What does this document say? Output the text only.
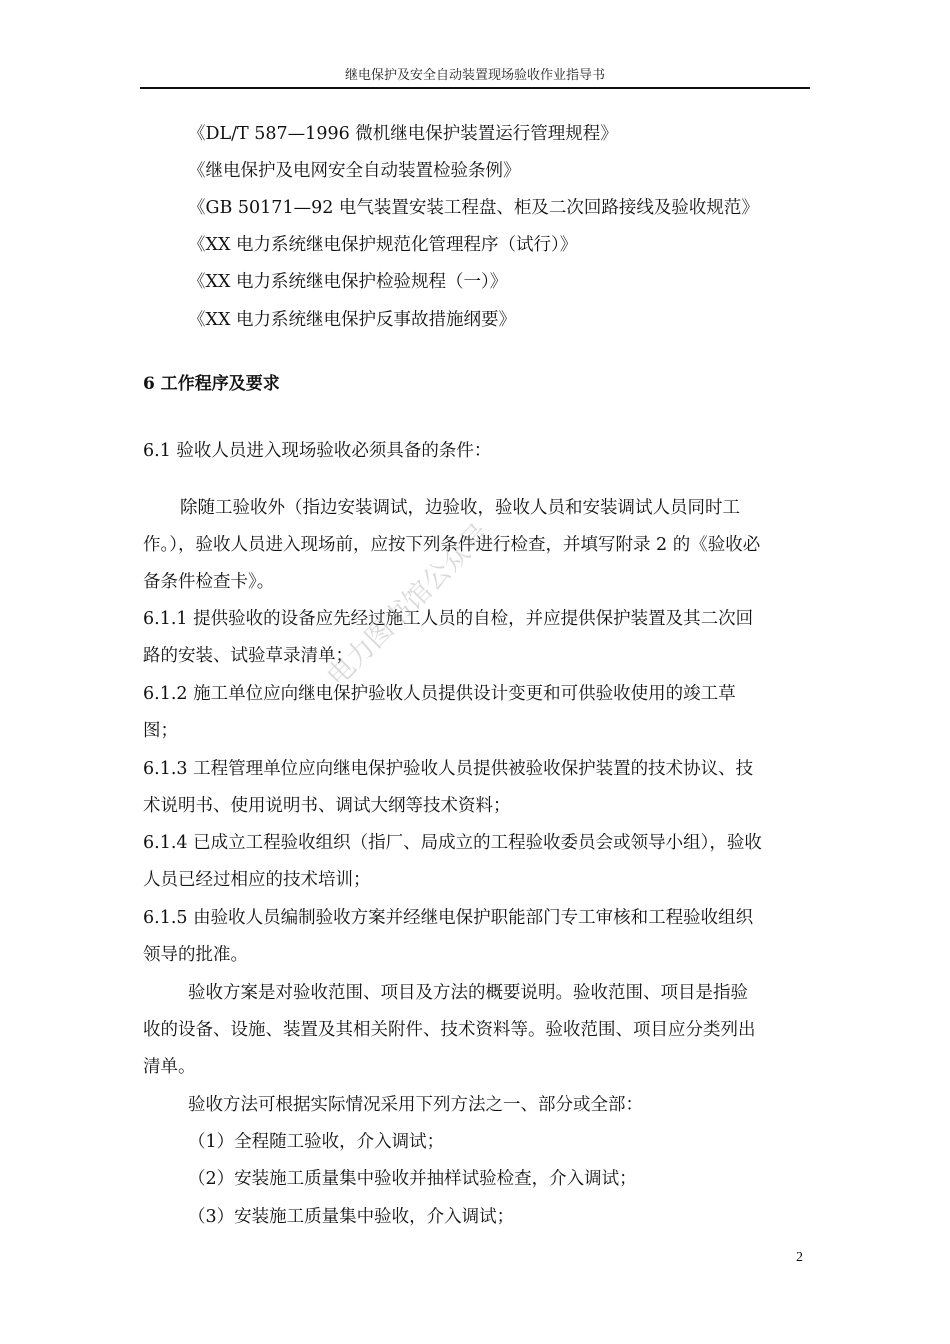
继电保护及安全自动装置现场验收作业指导书
《DL/T 587—1996 微机继电保护装置运行管理规程》
《继电保护及电网安全自动装置检验条例》
《GB 50171—92 电气装置安装工程盘、柜及二次回路接线及验收规范》
《XX 电力系统继电保护规范化管理程序（试行）》
《XX 电力系统继电保护检验规程（一）》
《XX 电力系统继电保护反事故措施纲要》
6 工作程序及要求
6.1 验收人员进入现场验收必须具备的条件：
除随工验收外（指边安装调试，边验收，验收人员和安装调试人员同时工
作。），验收人员进入现场前，应按下列条件进行检查，并填写附录 2 的《验收必
备条件检查卡》。
6.1.1 提供验收的设备应先经过施工人员的自检，并应提供保护装置及其二次回
路的安装、试验草录清单；
6.1.2 施工单位应向继电保护验收人员提供设计变更和可供验收使用的竣工草
图；
6.1.3 工程管理单位应向继电保护验收人员提供被验收保护装置的技术协议、技
术说明书、使用说明书、调试大纲等技术资料；
6.1.4 已成立工程验收组织（指厂、局成立的工程验收委员会或领导小组），验收
人员已经过相应的技术培训；
6.1.5 由验收人员编制验收方案并经继电保护职能部门专工审核和工程验收组织
领导的批准。
验收方案是对验收范围、项目及方法的概要说明。验收范围、项目是指验
收的设备、设施、装置及其相关附件、技术资料等。验收范围、项目应分类列出
清单。
验收方法可根据实际情况采用下列方法之一、部分或全部：
（1）全程随工验收，介入调试；
（2）安装施工质量集中验收并抽样试验检查，介入调试；
（3）安装施工质量集中验收，介入调试；
电力图书馆公众号
2
